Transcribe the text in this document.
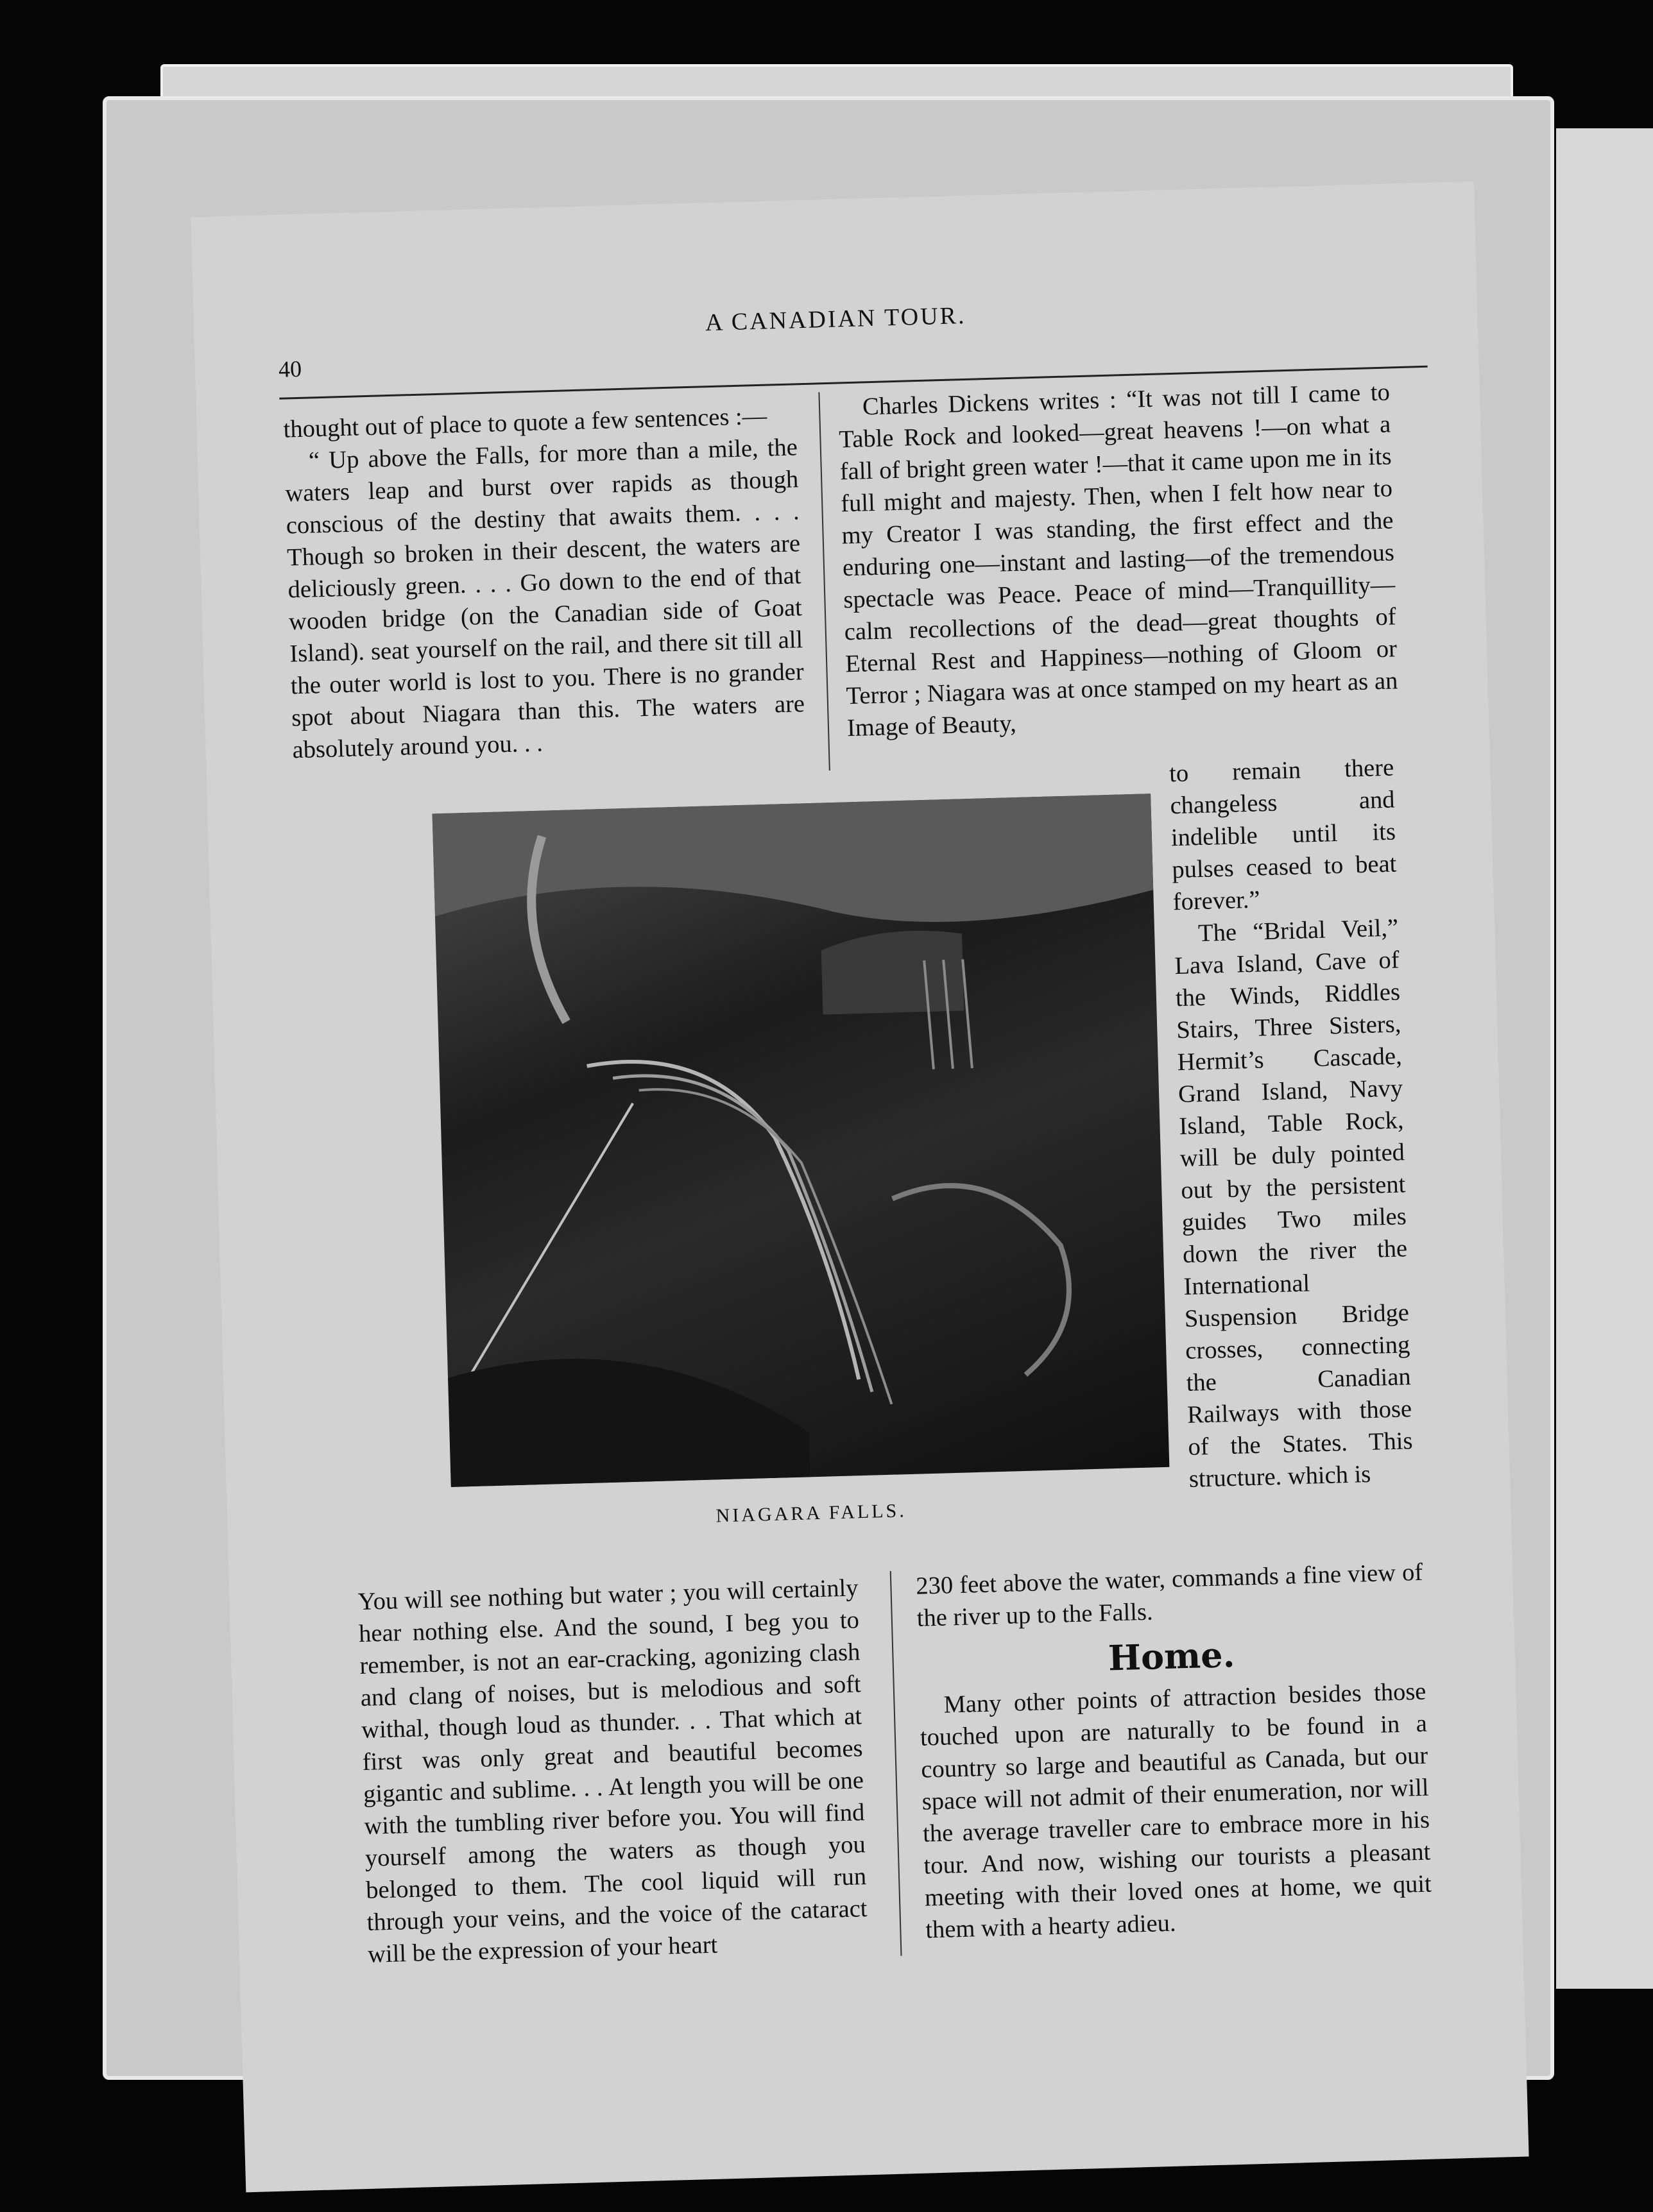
A CANADIAN TOUR.
40

thought out of place to quote a few sentences :—

“ Up above the Falls, for more than a mile, the waters leap and burst over rapids as though conscious of the destiny that awaits them. . . . Though so broken in their descent, the waters are deliciously green. . . . Go down to the end of that wooden bridge (on the Canadian side of Goat Island). seat yourself on the rail, and there sit till all the outer world is lost to you. There is no grander spot about Niagara than this. The waters are absolutely around you. . .

Charles Dickens writes : “It was not till I came to Table Rock and looked—great heavens !—on what a fall of bright green water !—that it came upon me in its full might and majesty. Then, when I felt how near to my Creator I was standing, the first effect and the enduring one—instant and lasting—of the tremendous spectacle was Peace. Peace of mind—Tranquillity—calm recollections of the dead—great thoughts of Eternal Rest and Happiness—nothing of Gloom or Terror ; Niagara was at once stamped on my heart as an Image of Beauty,

NIAGARA FALLS.

to remain there changeless and indelible until its pulses ceased to beat forever.”

The “Bridal Veil,” Lava Island, Cave of the Winds, Riddles Stairs, Three Sisters, Hermit’s Cascade, Grand Island, Navy Island, Table Rock, will be duly pointed out by the persistent guides Two miles down the river the International Suspension Bridge crosses, connecting the Canadian Railways with those of the States. This structure. which is

You will see nothing but water ; you will certainly hear nothing else. And the sound, I beg you to remember, is not an ear-cracking, agonizing clash and clang of noises, but is melodious and soft withal, though loud as thunder. . . That which at first was only great and beautiful becomes gigantic and sublime. . . At length you will be one with the tumbling river before you. You will find yourself among the waters as though you belonged to them. The cool liquid will run through your veins, and the voice of the cataract will be the expression of your heart

230 feet above the water, commands a fine view of the river up to the Falls.

Home.

Many other points of attraction besides those touched upon are naturally to be found in a country so large and beautiful as Canada, but our space will not admit of their enumeration, nor will the average traveller care to embrace more in his tour. And now, wishing our tourists a pleasant meeting with their loved ones at home, we quit them with a hearty adieu.
